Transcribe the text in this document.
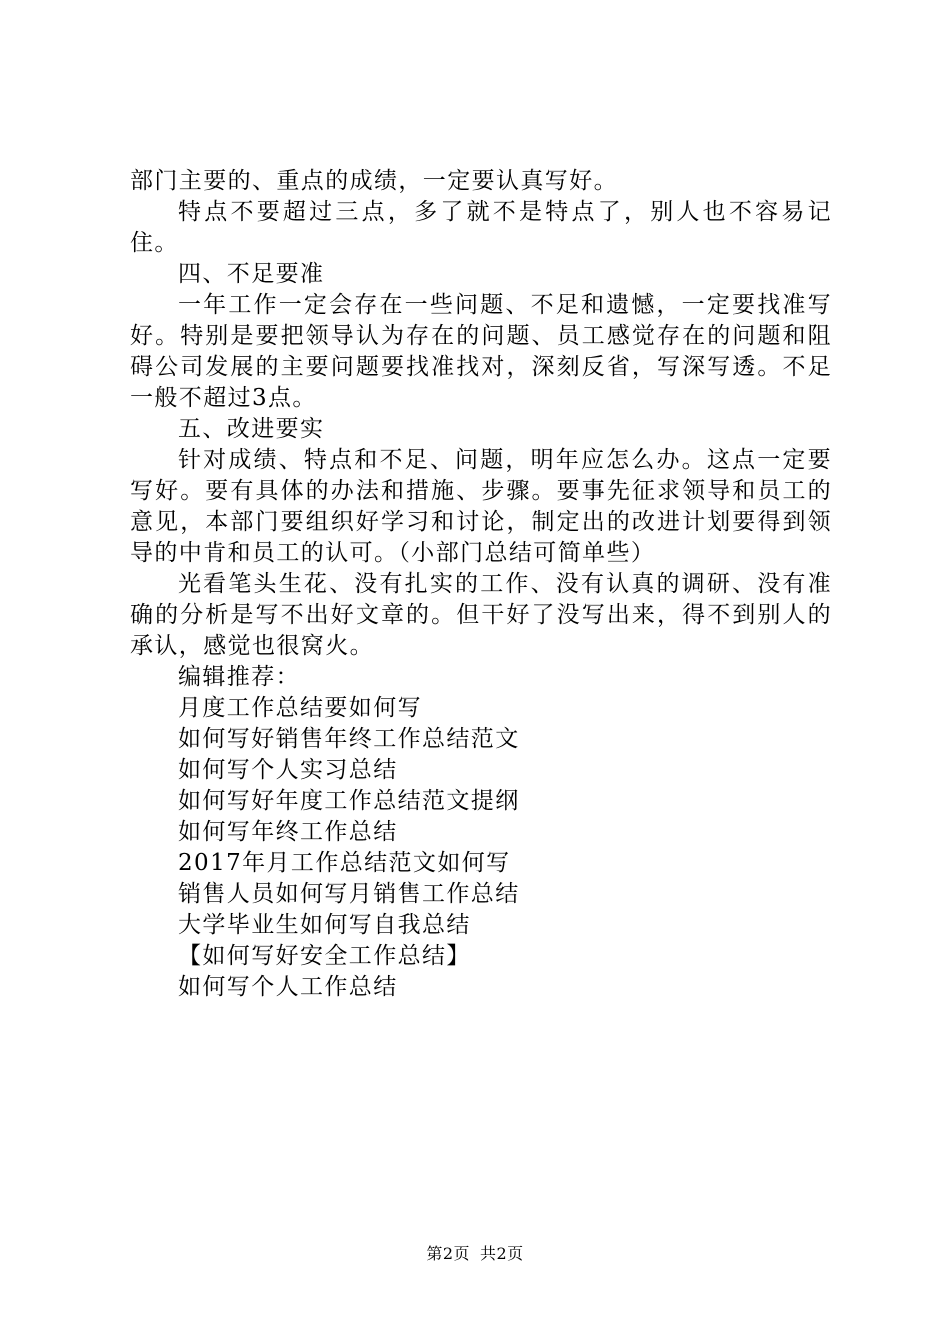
部门主要的、重点的成绩，一定要认真写好。

特点不要超过三点，多了就不是特点了，别人也不容易记住。

四、不足要准

一年工作一定会存在一些问题、不足和遗憾，一定要找准写好。特别是要把领导认为存在的问题、员工感觉存在的问题和阻碍公司发展的主要问题要找准找对，深刻反省，写深写透。不足一般不超过3点。

五、改进要实

针对成绩、特点和不足、问题，明年应怎么办。这点一定要写好。要有具体的办法和措施、步骤。要事先征求领导和员工的意见，本部门要组织好学习和讨论，制定出的改进计划要得到领导的中肯和员工的认可。（小部门总结可简单些）

光看笔头生花、没有扎实的工作、没有认真的调研、没有准确的分析是写不出好文章的。但干好了没写出来，得不到别人的承认，感觉也很窝火。

编辑推荐：

月度工作总结要如何写

如何写好销售年终工作总结范文

如何写个人实习总结

如何写好年度工作总结范文提纲

如何写年终工作总结

2017年月工作总结范文如何写

销售人员如何写月销售工作总结

大学毕业生如何写自我总结

【如何写好安全工作总结】

如何写个人工作总结

第2页 共2页
